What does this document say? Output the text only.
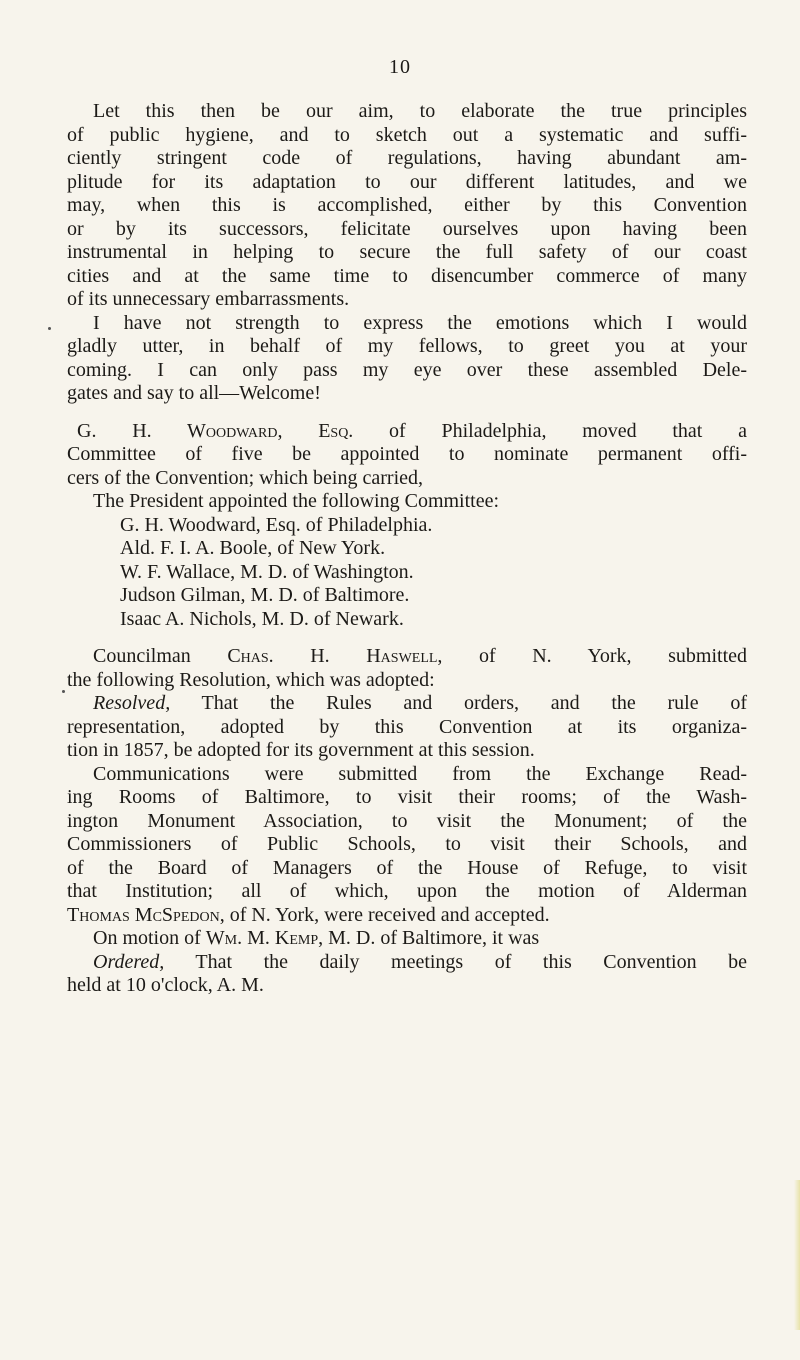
10
Let this then be our aim, to elaborate the true principles
of public hygiene, and to sketch out a systematic and suffi-
ciently stringent code of regulations, having abundant am-
plitude for its adaptation to our different latitudes, and we
may, when this is accomplished, either by this Convention
or by its successors, felicitate ourselves upon having been
instrumental in helping to secure the full safety of our coast
cities and at the same time to disencumber commerce of many
of its unnecessary embarrassments.
I have not strength to express the emotions which I would
gladly utter, in behalf of my fellows, to greet you at your
coming. I can only pass my eye over these assembled Dele-
gates and say to all—Welcome!
G. H. Woodward, Esq. of Philadelphia, moved that a
Committee of five be appointed to nominate permanent offi-
cers of the Convention; which being carried,
The President appointed the following Committee:
G. H. Woodward, Esq. of Philadelphia.
Ald. F. I. A. Boole, of New York.
W. F. Wallace, M. D. of Washington.
Judson Gilman, M. D. of Baltimore.
Isaac A. Nichols, M. D. of Newark.
Councilman Chas. H. Haswell, of N. York, submitted
the following Resolution, which was adopted:
Resolved, That the Rules and orders, and the rule of
representation, adopted by this Convention at its organiza-
tion in 1857, be adopted for its government at this session.
Communications were submitted from the Exchange Read-
ing Rooms of Baltimore, to visit their rooms; of the Wash-
ington Monument Association, to visit the Monument; of the
Commissioners of Public Schools, to visit their Schools, and
of the Board of Managers of the House of Refuge, to visit
that Institution; all of which, upon the motion of Alderman
Thomas McSpedon, of N. York, were received and accepted.
On motion of Wm. M. Kemp, M. D. of Baltimore, it was
Ordered, That the daily meetings of this Convention be
held at 10 o'clock, A. M.
